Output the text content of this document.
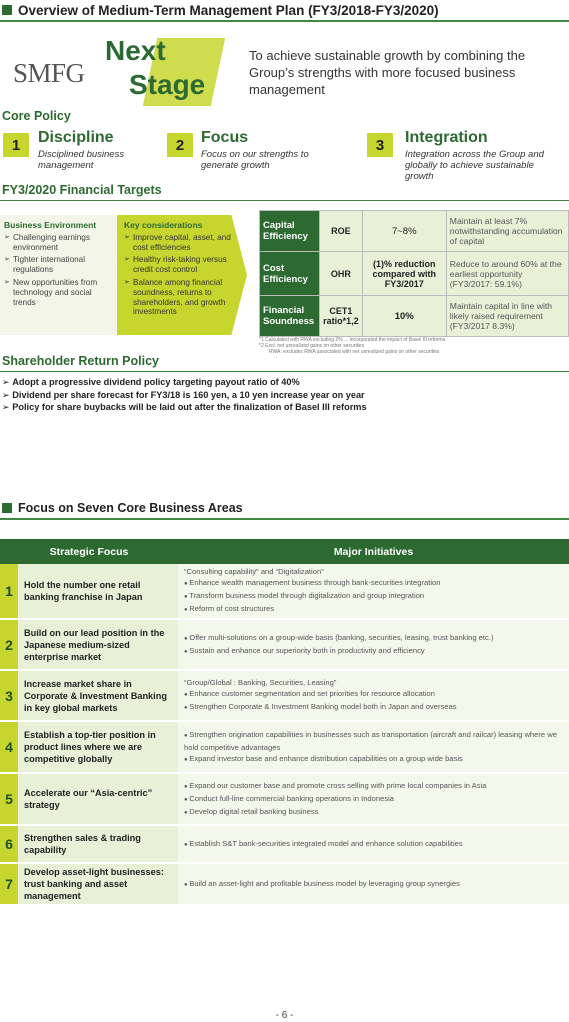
Overview of Medium-Term Management Plan (FY3/2018-FY3/2020)
SMFG
Next
Stage
To achieve sustainable growth by combining the Group’s strengths with more focused business management
Core Policy
1	Discipline
Disciplined business management
2	Focus
Focus on our strengths to generate growth
3	Integration
Integration across the Group and globally to achieve sustainable growth
FY3/2020 Financial Targets
Business Environment
➢ Challenging earnings environment
➢ Tighter international regulations
➢ New opportunities from technology and social trends
Key considerations
➢ Improve capital, asset, and cost efficiencies
➢ Healthy risk-taking versus credit cost control
➢ Balance among financial soundness, returns to shareholders, and growth investments
Capital Efficiency	ROE	7~8%	Maintain at least 7% notwithstanding accumulation of capital
Cost Efficiency	OHR	(1)% reduction compared with FY3/2017	Reduce to around 60% at the earliest opportunity (FY3/2017: 59.1%)
Financial Soundness	CET1 ratio*1,2	10%	Maintain capital in line with likely raised requirement (FY3/2017 8.3%)
*1 Calculated with RWA excluding 2% ... incorporated the impact of Basel III reforms
*2 Excl. net unrealized gains on other securities
RWA: excludes RWA associated with net unrealized gains on other securities
Shareholder Return Policy
➢ Adopt a progressive dividend policy targeting payout ratio of 40%
➢ Dividend per share forecast for FY3/18 is 160 yen, a 10 yen increase year on year
➢ Policy for share buybacks will be laid out after the finalization of Basel III reforms
Focus on Seven Core Business Areas
Strategic Focus		Major Initiatives
1	Hold the number one retail banking franchise in Japan	“Consulting capability” and “Digitalization”
● Enhance wealth management business through bank-securities integration
● Transform business model through digitalization and group integration
● Reform of cost structures

2	Build on our lead position in the Japanese medium-sized enterprise market	● Offer multi-solutions on a group-wide basis (banking, securities, leasing, trust banking etc.)
● Sustain and enhance our superiority both in productivity and efficiency

3	Increase market share in Corporate & Investment Banking in key global markets	“Group/Global : Banking, Securities, Leasing”
● Enhance customer segmentation and set priorities for resource allocation
● Strengthen Corporate & Investment Banking model both in Japan and overseas

4	Establish a top-tier position in product lines where we are competitive globally	● Strengthen origination capabilities in businesses such as transportation (aircraft and railcar) leasing where we hold competitive advantages
● Expand investor base and enhance distribution capabilities on a group wide basis

5	Accelerate our “Asia-centric” strategy	● Expand our customer base and promote cross selling with prime local companies in Asia
● Conduct full-line commercial banking operations in Indonesia
● Develop digital retail banking business

6	Strengthen sales & trading capability	● Establish S&T bank-securities integrated model and enhance solution capabilities

7	Develop asset-light businesses: trust banking and asset management	● Build an asset-light and profitable business model by leveraging group synergies
- 6 -
